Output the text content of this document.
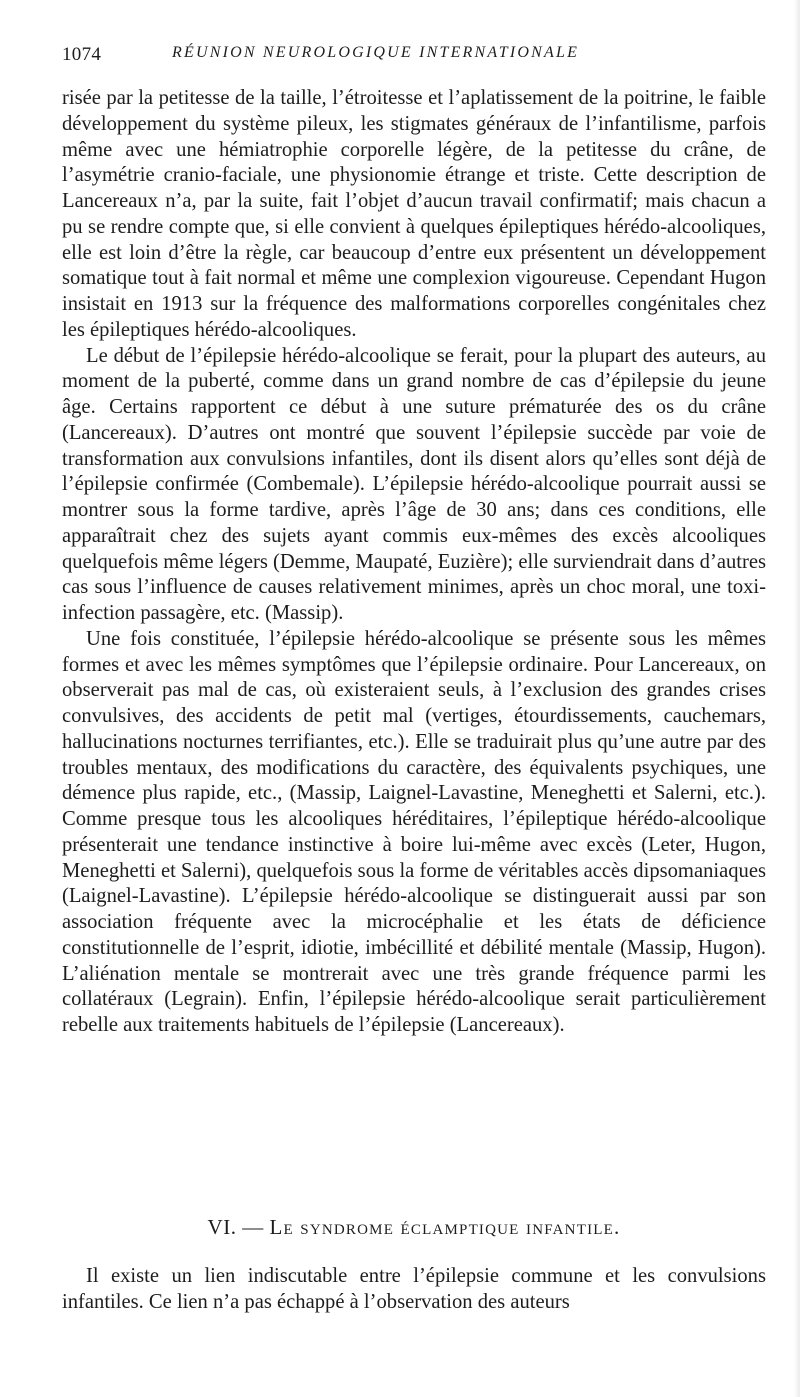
1074	RÉUNION NEUROLOGIQUE INTERNATIONALE

risée par la petitesse de la taille, l’étroitesse et l’aplatissement de la poitrine, le faible développement du système pileux, les stigmates généraux de l’infantilisme, parfois même avec une hémiatrophie corporelle légère, de la petitesse du crâne, de l’asymétrie cranio-faciale, une physionomie étrange et triste. Cette description de Lancereaux n’a, par la suite, fait l’objet d’aucun travail confirmatif; mais chacun a pu se rendre compte que, si elle convient à quelques épileptiques hérédo-alcooliques, elle est loin d’être la règle, car beaucoup d’entre eux présentent un développement somatique tout à fait normal et même une complexion vigoureuse. Cependant Hugon insistait en 1913 sur la fréquence des malformations corporelles congénitales chez les épileptiques hérédo-alcooliques.

Le début de l’épilepsie hérédo-alcoolique se ferait, pour la plupart des auteurs, au moment de la puberté, comme dans un grand nombre de cas d’épilepsie du jeune âge. Certains rapportent ce début à une suture prématurée des os du crâne (Lancereaux). D’autres ont montré que souvent l’épilepsie succède par voie de transformation aux convulsions infantiles, dont ils disent alors qu’elles sont déjà de l’épilepsie confirmée (Combemale). L’épilepsie hérédo-alcoolique pourrait aussi se montrer sous la forme tardive, après l’âge de 30 ans; dans ces conditions, elle apparaîtrait chez des sujets ayant commis eux-mêmes des excès alcooliques quelquefois même légers (Demme, Maupaté, Euzière); elle surviendrait dans d’autres cas sous l’influence de causes relativement minimes, après un choc moral, une toxi-infection passagère, etc. (Massip).

Une fois constituée, l’épilepsie hérédo-alcoolique se présente sous les mêmes formes et avec les mêmes symptômes que l’épilepsie ordinaire. Pour Lancereaux, on observerait pas mal de cas, où existeraient seuls, à l’exclusion des grandes crises convulsives, des accidents de petit mal (vertiges, étourdissements, cauchemars, hallucinations nocturnes terrifiantes, etc.). Elle se traduirait plus qu’une autre par des troubles mentaux, des modifications du caractère, des équivalents psychiques, une démence plus rapide, etc., (Massip, Laignel-Lavastine, Meneghetti et Salerni, etc.). Comme presque tous les alcooliques héréditaires, l’épileptique hérédo-alcoolique présenterait une tendance instinctive à boire lui-même avec excès (Leter, Hugon, Meneghetti et Salerni), quelquefois sous la forme de véritables accès dipsomaniaques (Laignel-Lavastine). L’épilepsie hérédo-alcoolique se distinguerait aussi par son association fréquente avec la microcéphalie et les états de déficience constitutionnelle de l’esprit, idiotie, imbécillité et débilité mentale (Massip, Hugon). L’aliénation mentale se montrerait avec une très grande fréquence parmi les collatéraux (Legrain). Enfin, l’épilepsie hérédo-alcoolique serait particulièrement rebelle aux traitements habituels de l’épilepsie (Lancereaux).

VI. — Le syndrome éclamptique infantile.

Il existe un lien indiscutable entre l’épilepsie commune et les convulsions infantiles. Ce lien n’a pas échappé à l’observation des auteurs
